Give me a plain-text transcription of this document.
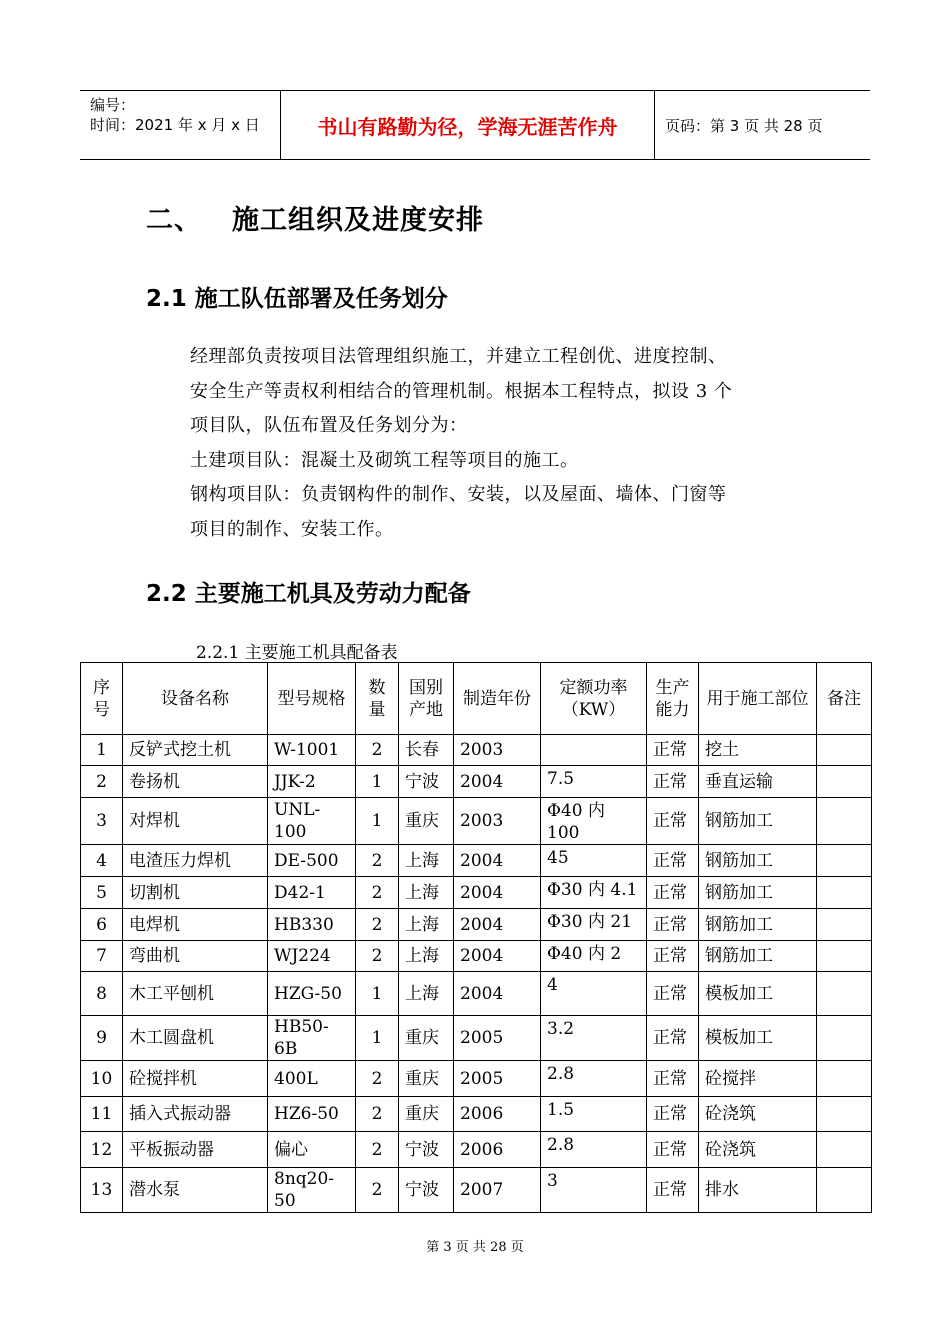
编号：
时间：2021 年 x 月 x 日	书山有路勤为径，学海无涯苦作舟	页码：第 3 页 共 28 页
二、 施工组织及进度安排
2.1 施工队伍部署及任务划分

经理部负责按项目法管理组织施工，并建立工程创优、进度控制、

安全生产等责权利相结合的管理机制。根据本工程特点，拟设 3 个

项目队，队伍布置及任务划分为：

土建项目队：混凝土及砌筑工程等项目的施工。

钢构项目队：负责钢构件的制作、安装，以及屋面、墙体、门窗等

项目的制作、安装工作。

2.2 主要施工机具及劳动力配备
2.2.1 主要施工机具配备表
序号	设备名称	型号规格	数量	国别产地	制造年份	定额功率（KW）	生产能力	用于施工部位	备注
1	反铲式挖土机	W-1001	2	长春	2003		正常	挖土	
2	卷扬机	JJK-2	1	宁波	2004	7.5	正常	垂直运输	
3	对焊机	UNL-100	1	重庆	2003	Φ40 内 100	正常	钢筋加工	
4	电渣压力焊机	DE-500	2	上海	2004	45	正常	钢筋加工	
5	切割机	D42-1	2	上海	2004	Φ30 内 4.1	正常	钢筋加工	
6	电焊机	HB330	2	上海	2004	Φ30 内 21	正常	钢筋加工	
7	弯曲机	WJ224	2	上海	2004	Φ40 内 2	正常	钢筋加工	
8	木工平刨机	HZG-50	1	上海	2004	4	正常	模板加工	
9	木工圆盘机	HB50-6B	1	重庆	2005	3.2	正常	模板加工	
10	砼搅拌机	400L	2	重庆	2005	2.8	正常	砼搅拌	
11	插入式振动器	HZ6-50	2	重庆	2006	1.5	正常	砼浇筑	
12	平板振动器	偏心	2	宁波	2006	2.8	正常	砼浇筑	
13	潜水泵	8nq20-50	2	宁波	2007	3	正常	排水	
第 3 页 共 28 页
